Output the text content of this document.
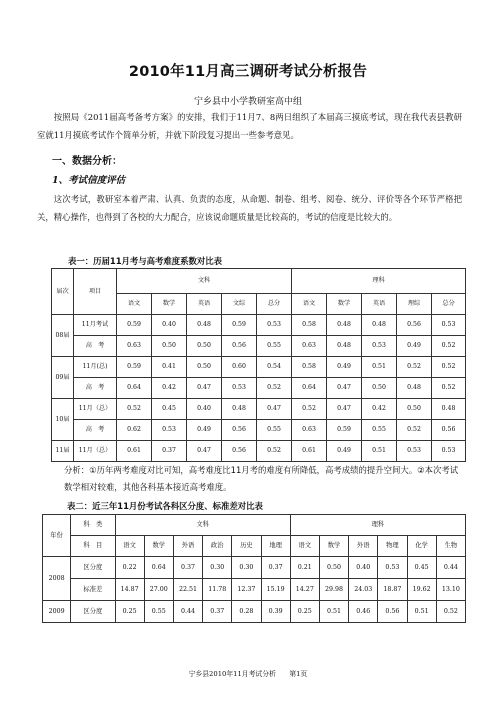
2010年11月高三调研考试分析报告
宁乡县中小学教研室高中组
按照局《2011届高考备考方案》的安排，我们于11月7、8两日组织了本届高三摸底考试，现在我代表县教研室就11月摸底考试作个简单分析，并就下阶段复习提出一些参考意见。
一、数据分析：
1、考试信度评估
这次考试，教研室本着严肃、认真、负责的态度，从命题、制卷、组考、阅卷、统分、评价等各个环节严格把关，精心操作，也得到了各校的大力配合，应该说命题质量是比较高的，考试的信度是比较大的。
表一：历届11月考与高考难度系数对比表
届次	项目	文科					理科				
		语文	数学	英语	文综	总分	语文	数学	英语	理综	总分
08届	11月考试	0.59	0.40	0.48	0.59	0.53	0.58	0.48	0.48	0.56	0.53
	高　考	0.63	0.50	0.50	0.56	0.55	0.63	0.48	0.53	0.49	0.52
09届	11月(总)	0.59	0.41	0.50	0.60	0.54	0.58	0.49	0.51	0.52	0.52
	高　考	0.64	0.42	0.47	0.53	0.52	0.64	0.47	0.50	0.48	0.52
10届	11月（总）	0.52	0.45	0.40	0.48	0.47	0.52	0.47	0.42	0.50	0.48
	高　考	0.62	0.53	0.49	0.56	0.55	0.63	0.59	0.55	0.52	0.56
11届	11月（总）	0.61	0.37	0.47	0.56	0.52	0.61	0.49	0.51	0.53	0.53
分析：①历年两考难度对比可知，高考难度比11月考的难度有所降低，高考成绩的提升空间大。②本次考试数学相对较难，其他各科基本接近高考难度。
表二：近三年11月份考试各科区分度、标准差对比表
年份	科　类	文科						理科					
	科　目	语文	数学	外语	政治	历史	地理	语文	数学	外语	物理	化学	生物
2008	区分度	0.22	0.64	0.37	0.30	0.30	0.37	0.21	0.50	0.40	0.53	0.45	0.44
	标准差	14.87	27.00	22.51	11.78	12.37	15.19	14.27	29.98	24.03	18.87	19.62	13.10
2009	区分度	0.25	0.55	0.44	0.37	0.28	0.39	0.25	0.51	0.46	0.56	0.51	0.52
宁乡县2010年11月考试分析　　第1页
